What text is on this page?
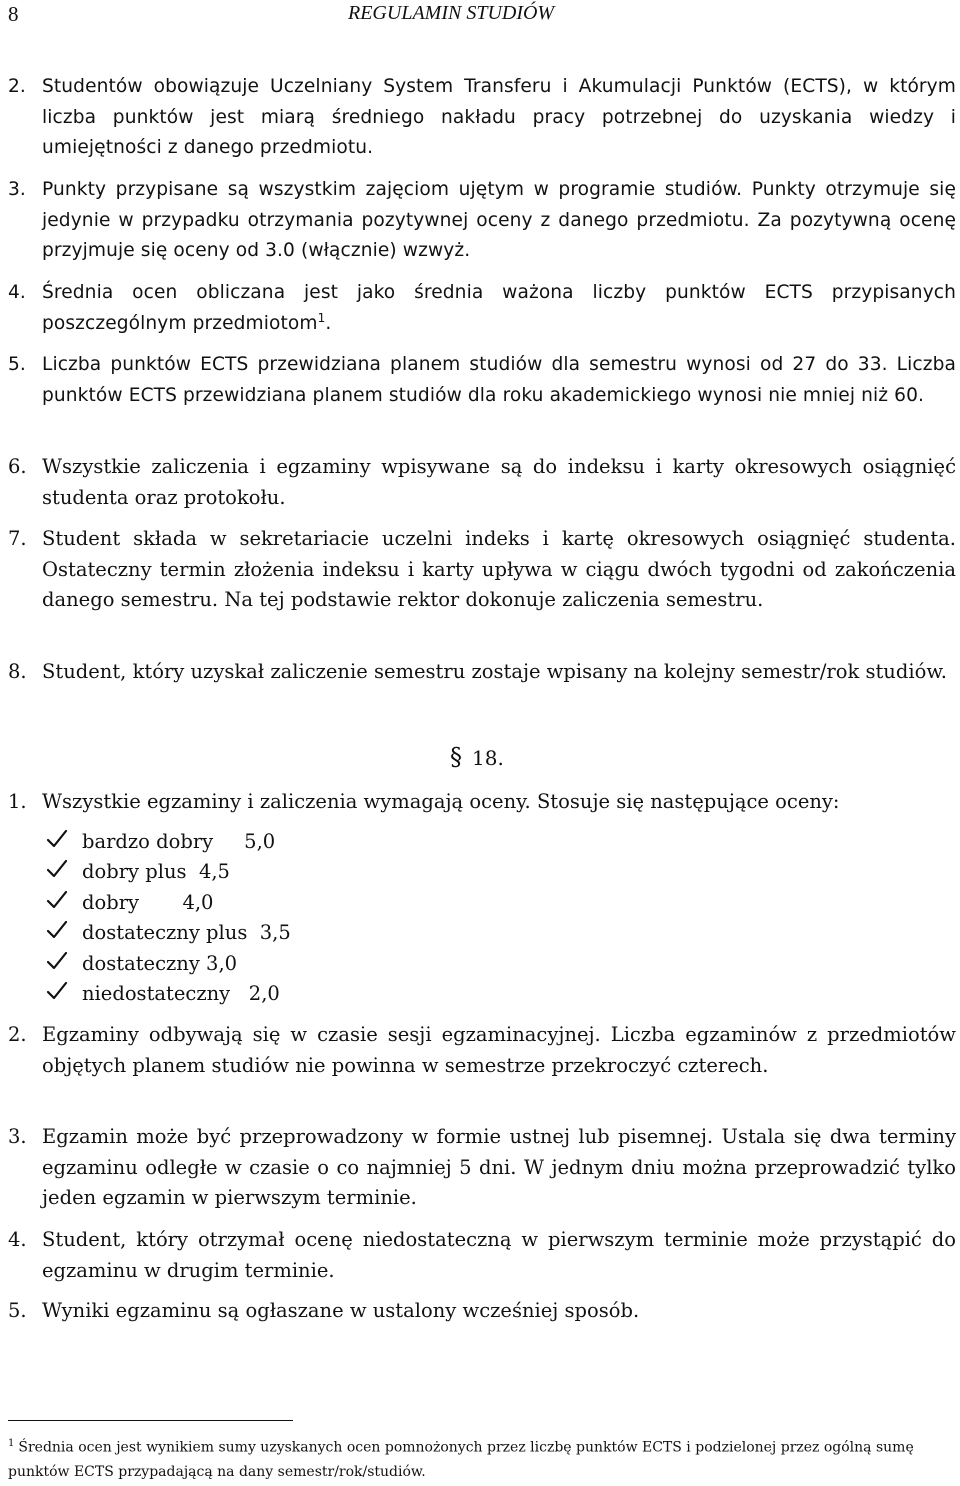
8	REGULAMIN STUDIÓW
2. Studentów obowiązuje Uczelniany System Transferu i Akumulacji Punktów (ECTS), w którym liczba punktów jest miarą średniego nakładu pracy potrzebnej do uzyskania wiedzy i umiejętności z danego przedmiotu.
3. Punkty przypisane są wszystkim zajęciom ujętym w programie studiów. Punkty otrzymuje się jedynie w przypadku otrzymania pozytywnej oceny z danego przedmiotu. Za pozytywną ocenę przyjmuje się oceny od 3.0 (włącznie) wzwyż.
4. Średnia ocen obliczana jest jako średnia ważona liczby punktów ECTS przypisanych poszczególnym przedmiotom$^1$.
5. Liczba punktów ECTS przewidziana planem studiów dla semestru wynosi od 27 do 33. Liczba punktów ECTS przewidziana planem studiów dla roku akademickiego wynosi nie mniej niż 60.
6. Wszystkie zaliczenia i egzaminy wpisywane są do indeksu i karty okresowych osiągnięć studenta oraz protokołu.
7. Student składa w sekretariacie uczelni indeks i kartę okresowych osiągnięć studenta. Ostateczny termin złożenia indeksu i karty upływa w ciągu dwóch tygodni od zakończenia danego semestru. Na tej podstawie rektor dokonuje zaliczenia semestru.
8. Student, który uzyskał zaliczenie semestru zostaje wpisany na kolejny semestr/rok studiów.
§ 18.
1. Wszystkie egzaminy i zaliczenia wymagają oceny. Stosuje się następujące oceny:
bardzo dobry 5,0
dobry plus 4,5
dobry 4,0
dostateczny plus 3,5
dostateczny 3,0
niedostateczny 2,0
2. Egzaminy odbywają się w czasie sesji egzaminacyjnej. Liczba egzaminów z przedmiotów objętych planem studiów nie powinna w semestrze przekroczyć czterech.
3. Egzamin może być przeprowadzony w formie ustnej lub pisemnej. Ustala się dwa terminy egzaminu odległe w czasie o co najmniej 5 dni. W jednym dniu można przeprowadzić tylko jeden egzamin w pierwszym terminie.
4. Student, który otrzymał ocenę niedostateczną w pierwszym terminie może przystąpić do egzaminu w drugim terminie.
5. Wyniki egzaminu są ogłaszane w ustalony wcześniej sposób.
$^1$ Średnia ocen jest wynikiem sumy uzyskanych ocen pomnożonych przez liczbę punktów ECTS i podzielonej przez ogólną sumę punktów ECTS przypadającą na dany semestr/rok/studiów.
